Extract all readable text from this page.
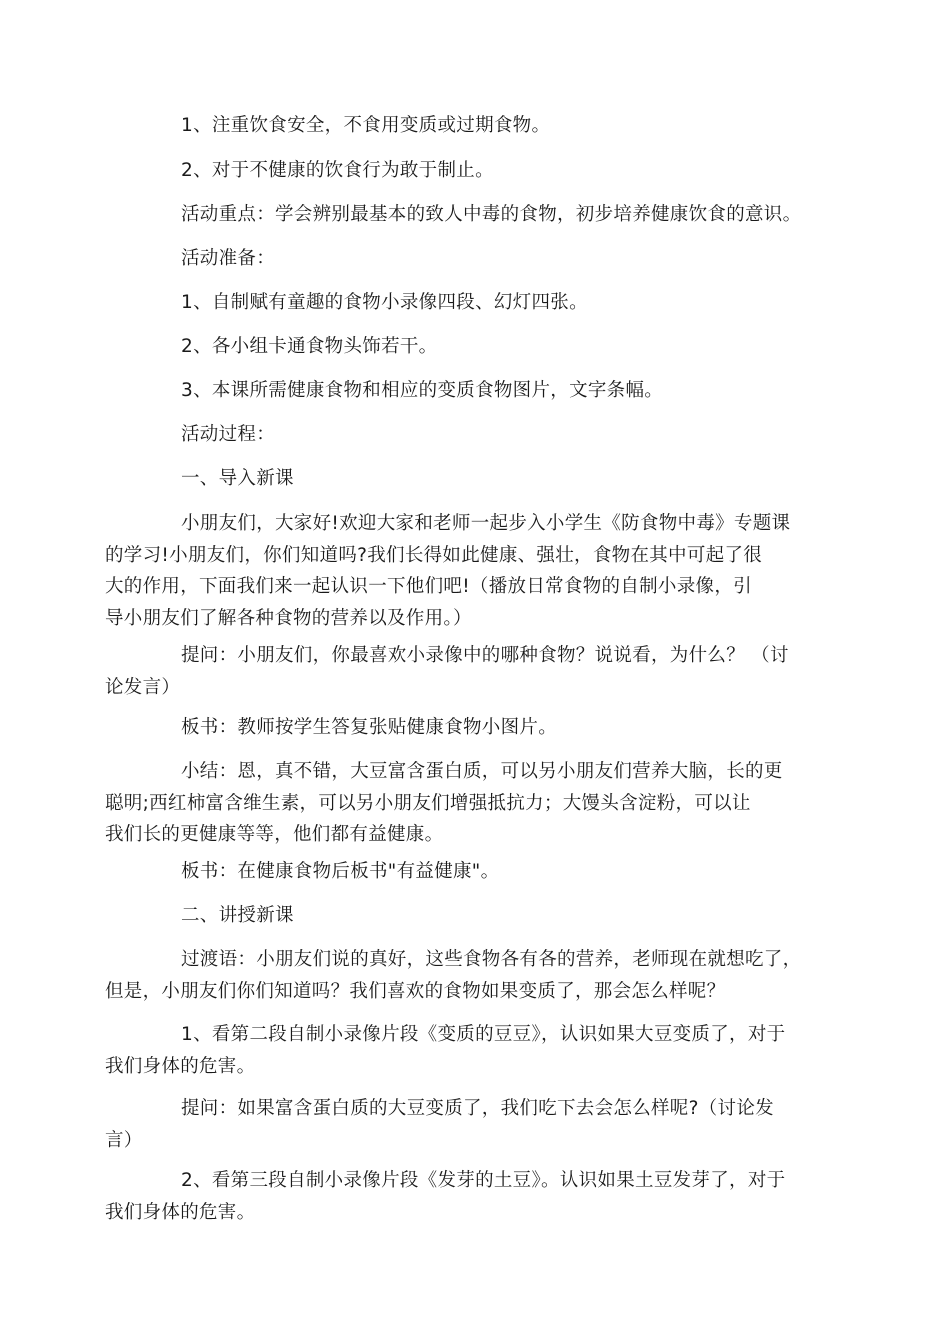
1、注重饮食安全，不食用变质或过期食物。

2、对于不健康的饮食行为敢于制止。

活动重点：学会辨别最基本的致人中毒的食物，初步培养健康饮食的意识。

活动准备：

1、自制赋有童趣的食物小录像四段、幻灯四张。

2、各小组卡通食物头饰若干。

3、本课所需健康食物和相应的变质食物图片，文字条幅。

活动过程：

一、导入新课

小朋友们，大家好!欢迎大家和老师一起步入小学生《防食物中毒》专题课
的学习!小朋友们，你们知道吗?我们长得如此健康、强壮，食物在其中可起了很
大的作用，下面我们来一起认识一下他们吧!（播放日常食物的自制小录像，引
导小朋友们了解各种食物的营养以及作用。）

提问：小朋友们，你最喜欢小录像中的哪种食物？说说看，为什么？ （讨
论发言）

板书：教师按学生答复张贴健康食物小图片。

小结：恩，真不错，大豆富含蛋白质，可以另小朋友们营养大脑，长的更
聪明;西红柿富含维生素，可以另小朋友们增强抵抗力；大馒头含淀粉，可以让
我们长的更健康等等，他们都有益健康。

板书：在健康食物后板书"有益健康"。

二、讲授新课

过渡语：小朋友们说的真好，这些食物各有各的营养，老师现在就想吃了，
但是，小朋友们你们知道吗？我们喜欢的食物如果变质了，那会怎么样呢？

1、看第二段自制小录像片段《变质的豆豆》，认识如果大豆变质了，对于
我们身体的危害。

提问：如果富含蛋白质的大豆变质了，我们吃下去会怎么样呢?（讨论发
言）

2、看第三段自制小录像片段《发芽的土豆》。认识如果土豆发芽了，对于
我们身体的危害。
